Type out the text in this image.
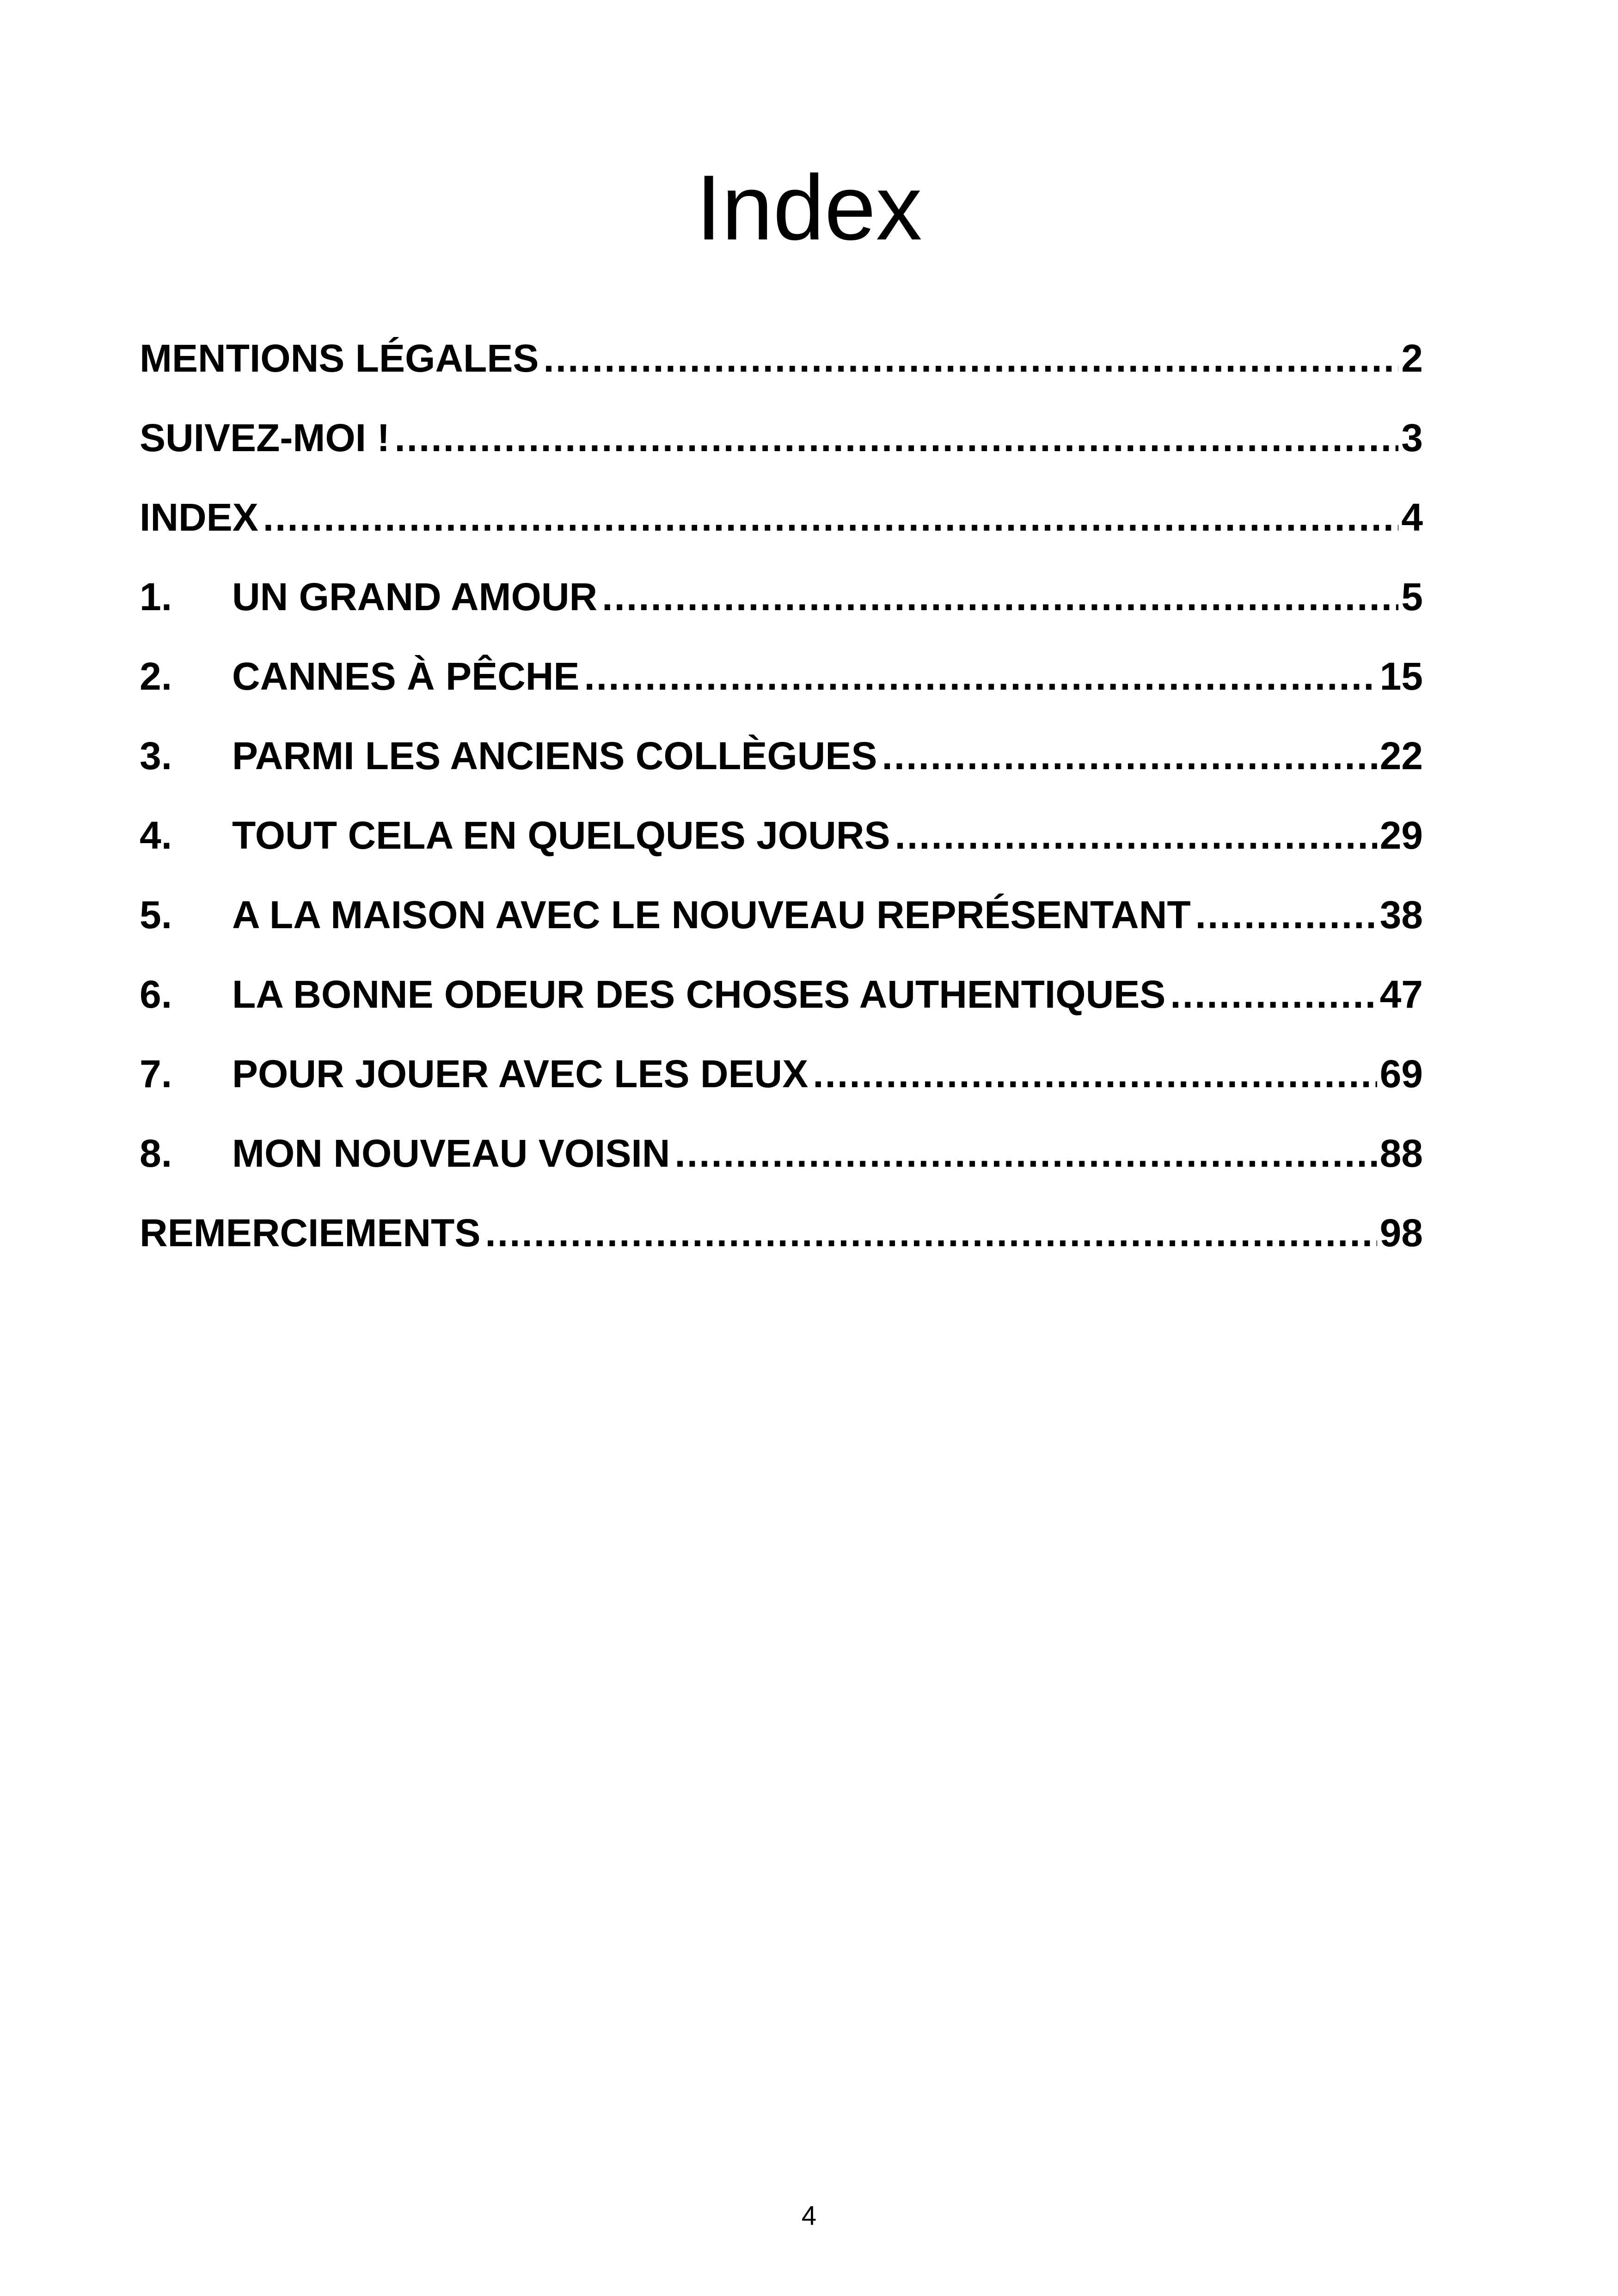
Index
MENTIONS LÉGALES .....	2
SUIVEZ-MOI ! .....	3
INDEX .....	4
1.	UN GRAND AMOUR .....	5
2.	CANNES À PÊCHE .....	15
3.	PARMI LES ANCIENS COLLÈGUES .....	22
4.	TOUT CELA EN QUELQUES JOURS .....	29
5.	A LA MAISON AVEC LE NOUVEAU REPRÉSENTANT .....	38
6.	LA BONNE ODEUR DES CHOSES AUTHENTIQUES .....	47
7.	POUR JOUER AVEC LES DEUX .....	69
8.	MON NOUVEAU VOISIN .....	88
REMERCIEMENTS .....	98
4
